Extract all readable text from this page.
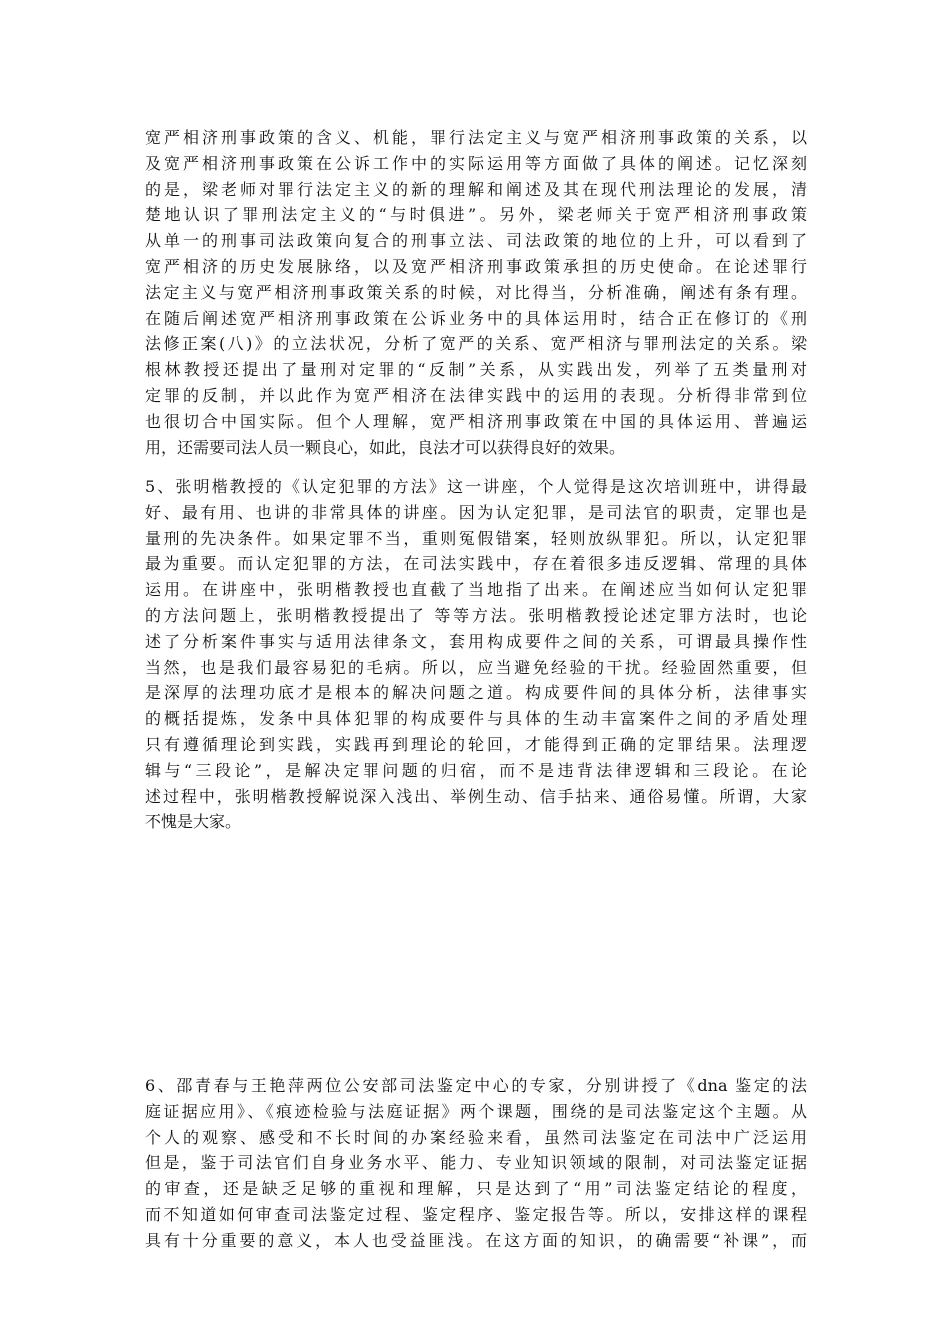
宽严相济刑事政策的含义、机能，罪行法定主义与宽严相济刑事政策的关系，以
及宽严相济刑事政策在公诉工作中的实际运用等方面做了具体的阐述。记忆深刻
的是，梁老师对罪行法定主义的新的理解和阐述及其在现代刑法理论的发展，清
楚地认识了罪刑法定主义的“与时俱进”。另外，梁老师关于宽严相济刑事政策
从单一的刑事司法政策向复合的刑事立法、司法政策的地位的上升，可以看到了
宽严相济的历史发展脉络，以及宽严相济刑事政策承担的历史使命。在论述罪行
法定主义与宽严相济刑事政策关系的时候，对比得当，分析准确，阐述有条有理。
在随后阐述宽严相济刑事政策在公诉业务中的具体运用时，结合正在修订的《刑
法修正案(八)》的立法状况，分析了宽严的关系、宽严相济与罪刑法定的关系。梁
根林教授还提出了量刑对定罪的“反制”关系，从实践出发，列举了五类量刑对
定罪的反制，并以此作为宽严相济在法律实践中的运用的表现。分析得非常到位
也很切合中国实际。但个人理解，宽严相济刑事政策在中国的具体运用、普遍运
用，还需要司法人员一颗良心，如此，良法才可以获得良好的效果。

5、张明楷教授的《认定犯罪的方法》这一讲座，个人觉得是这次培训班中，讲得最
好、最有用、也讲的非常具体的讲座。因为认定犯罪，是司法官的职责，定罪也是
量刑的先决条件。如果定罪不当，重则冤假错案，轻则放纵罪犯。所以，认定犯罪
最为重要。而认定犯罪的方法，在司法实践中，存在着很多违反逻辑、常理的具体
运用。在讲座中，张明楷教授也直截了当地指了出来。在阐述应当如何认定犯罪
的方法问题上，张明楷教授提出了 等等方法。张明楷教授论述定罪方法时，也论
述了分析案件事实与适用法律条文，套用构成要件之间的关系，可谓最具操作性
当然，也是我们最容易犯的毛病。所以，应当避免经验的干扰。经验固然重要，但
是深厚的法理功底才是根本的解决问题之道。构成要件间的具体分析，法律事实
的概括提炼，发条中具体犯罪的构成要件与具体的生动丰富案件之间的矛盾处理
只有遵循理论到实践，实践再到理论的轮回，才能得到正确的定罪结果。法理逻
辑与“三段论”，是解决定罪问题的归宿，而不是违背法律逻辑和三段论。在论
述过程中，张明楷教授解说深入浅出、举例生动、信手拈来、通俗易懂。所谓，大家
不愧是大家。

6、邵青春与王艳萍两位公安部司法鉴定中心的专家，分别讲授了《dna 鉴定的法
庭证据应用》、《痕迹检验与法庭证据》两个课题，围绕的是司法鉴定这个主题。从
个人的观察、感受和不长时间的办案经验来看，虽然司法鉴定在司法中广泛运用
但是，鉴于司法官们自身业务水平、能力、专业知识领域的限制，对司法鉴定证据
的审查，还是缺乏足够的重视和理解，只是达到了“用”司法鉴定结论的程度，
而不知道如何审查司法鉴定过程、鉴定程序、鉴定报告等。所以，安排这样的课程
具有十分重要的意义，本人也受益匪浅。在这方面的知识，的确需要“补课”，而
